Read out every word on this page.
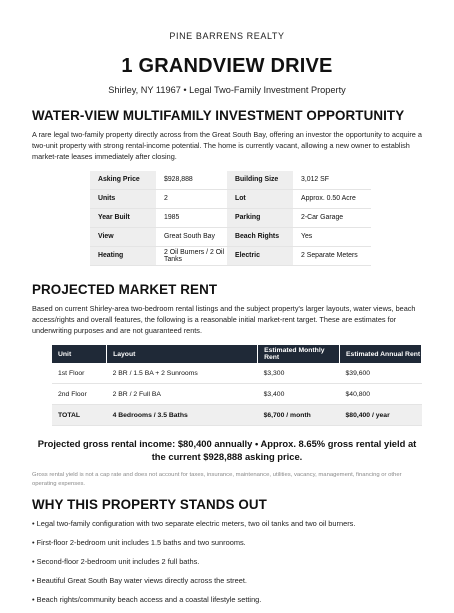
PINE BARRENS REALTY
1 GRANDVIEW DRIVE
Shirley, NY 11967 • Legal Two-Family Investment Property
WATER-VIEW MULTIFAMILY INVESTMENT OPPORTUNITY
A rare legal two-family property directly across from the Great South Bay, offering an investor the opportunity to acquire a two-unit property with strong rental-income potential. The home is currently vacant, allowing a new owner to establish market-rate leases immediately after closing.
Asking Price	$928,888	Building Size	3,012 SF
Units	2	Lot	Approx. 0.50 Acre
Year Built	1985	Parking	2-Car Garage
View	Great South Bay	Beach Rights	Yes
Heating	2 Oil Burners / 2 Oil Tanks	Electric	2 Separate Meters
PROJECTED MARKET RENT
Based on current Shirley-area two-bedroom rental listings and the subject property's larger layouts, water views, beach access/rights and overall features, the following is a reasonable initial market-rent target. These are estimates for underwriting purposes and are not guaranteed rents.
Unit	Layout	Estimated Monthly Rent	Estimated Annual Rent
1st Floor	2 BR / 1.5 BA + 2 Sunrooms	$3,300	$39,600
2nd Floor	2 BR / 2 Full BA	$3,400	$40,800
TOTAL	4 Bedrooms / 3.5 Baths	$6,700 / month	$80,400 / year
Projected gross rental income: $80,400 annually • Approx. 8.65% gross rental yield at the current $928,888 asking price.
Gross rental yield is not a cap rate and does not account for taxes, insurance, maintenance, utilities, vacancy, management, financing or other operating expenses.
WHY THIS PROPERTY STANDS OUT
• Legal two-family configuration with two separate electric meters, two oil tanks and two oil burners.
• First-floor 2-bedroom unit includes 1.5 baths and two sunrooms.
• Second-floor 2-bedroom unit includes 2 full baths.
• Beautiful Great South Bay water views directly across the street.
• Beach rights/community beach access and a coastal lifestyle setting.
